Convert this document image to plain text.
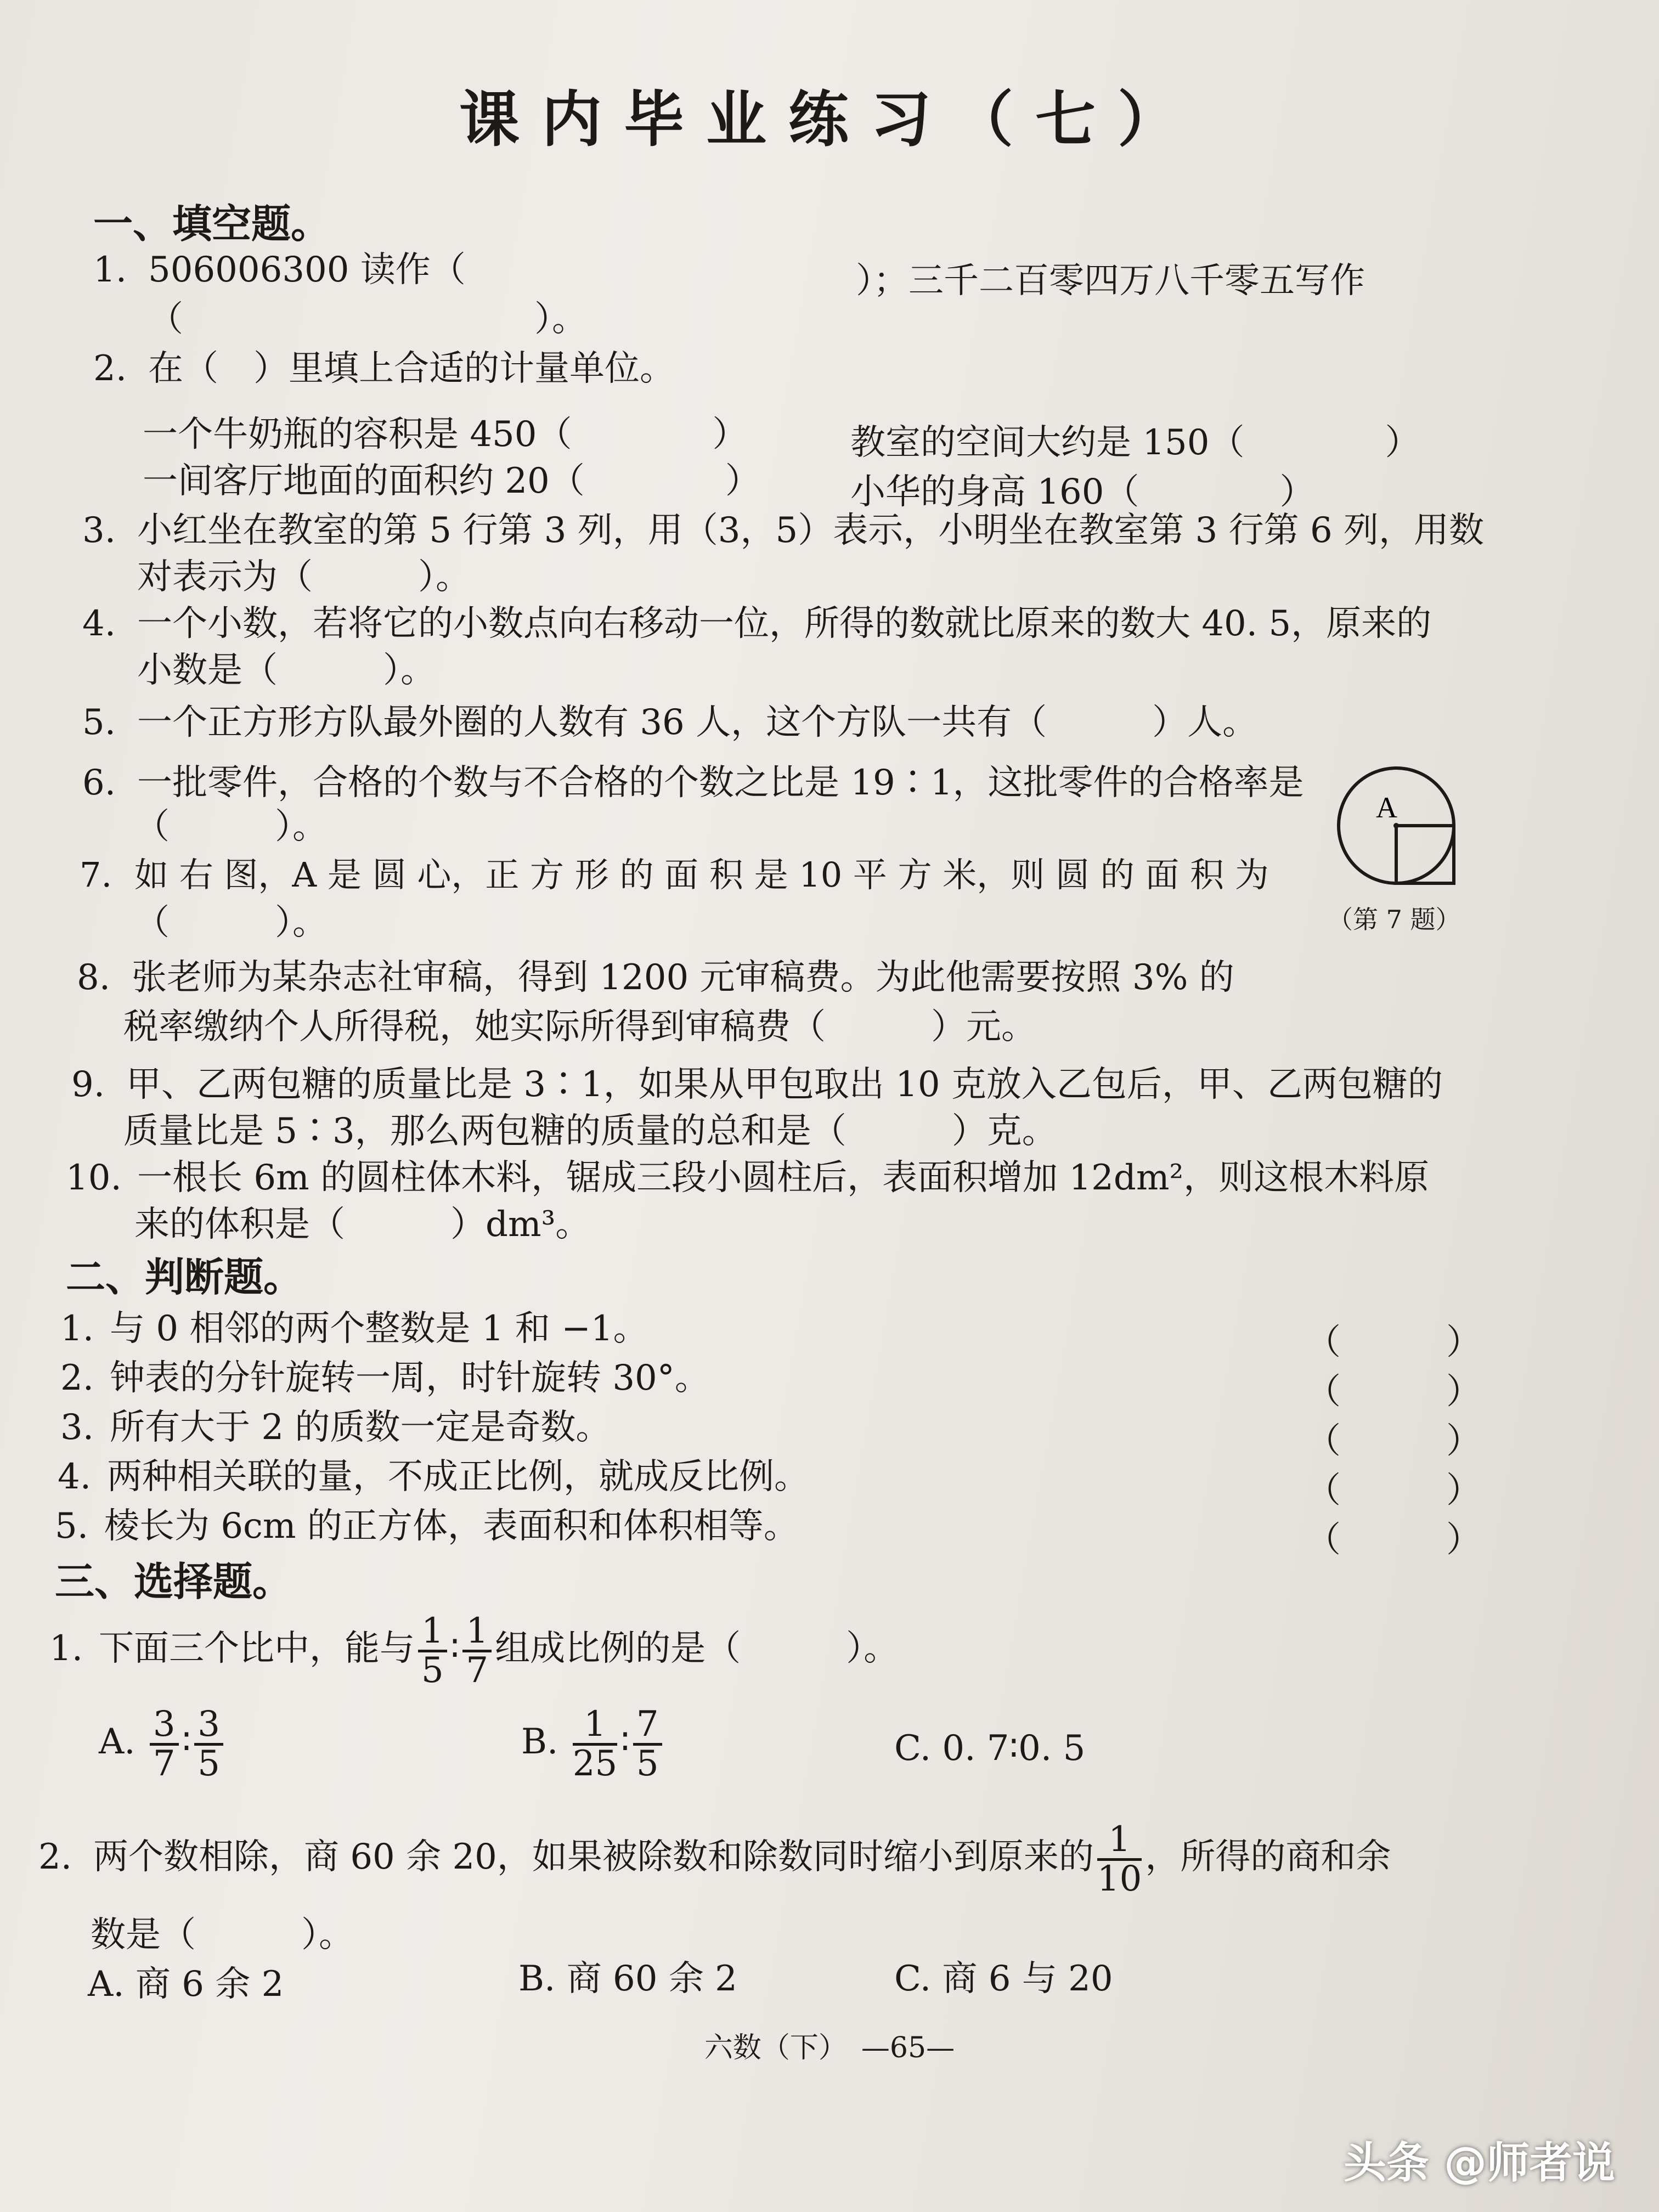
课内毕业练习（七）
一、填空题。
1. 506006300 读作（	）；三千二百零四万八千零五写作
（　　　　　　　　　　）。
2. 在（　）里填上合适的计量单位。
一个牛奶瓶的容积是 450（　　　　）	教室的空间大约是 150（　　　　）
一间客厅地面的面积约 20（　　　　）	小华的身高 160（　　　　）
3. 小红坐在教室的第 5 行第 3 列，用（3，5）表示，小明坐在教室第 3 行第 6 列，用数
对表示为（　　　）。
4. 一个小数，若将它的小数点向右移动一位，所得的数就比原来的数大 40. 5，原来的
小数是（　　　）。
5. 一个正方形方队最外圈的人数有 36 人，这个方队一共有（　　　）人。
6. 一批零件，合格的个数与不合格的个数之比是 19∶1，这批零件的合格率是
（　　　）。
7. 如 右 图，A 是 圆 心，正 方 形 的 面 积 是 10 平 方 米，则 圆 的 面 积 为
（　　　）。
A
（第 7 题）
8. 张老师为某杂志社审稿，得到 1200 元审稿费。为此他需要按照 3% 的
税率缴纳个人所得税，她实际所得到审稿费（　　　）元。
9. 甲、乙两包糖的质量比是 3∶1，如果从甲包取出 10 克放入乙包后，甲、乙两包糖的
质量比是 5∶3，那么两包糖的质量的总和是（　　　）克。
10. 一根长 6m 的圆柱体木料，锯成三段小圆柱后，表面积增加 12dm²，则这根木料原
来的体积是（　　　）dm³。
二、判断题。
1. 与 0 相邻的两个整数是 1 和 −1。	（　　　）
2. 钟表的分针旋转一周，时针旋转 30°。	（　　　）
3. 所有大于 2 的质数一定是奇数。	（　　　）
4. 两种相关联的量，不成正比例，就成反比例。	（　　　）
5. 棱长为 6cm 的正方体，表面积和体积相等。	（　　　）
三、选择题。
1. 下面三个比中，能与 $\frac{1}{5}$ ∶ $\frac{1}{7}$ 组成比例的是（　　　）。
A. $\frac{3}{7}$ ∶ $\frac{3}{5}$	B. $\frac{1}{25}$ ∶ $\frac{7}{5}$	C. 0. 7∶0. 5
2. 两个数相除，商 60 余 20，如果被除数和除数同时缩小到原来的 $\frac{1}{10}$ ，所得的商和余
数是（　　　）。
A. 商 6 余 2	B. 商 60 余 2	C. 商 6 与 20
六数（下）　—65—
头条 @师者说
